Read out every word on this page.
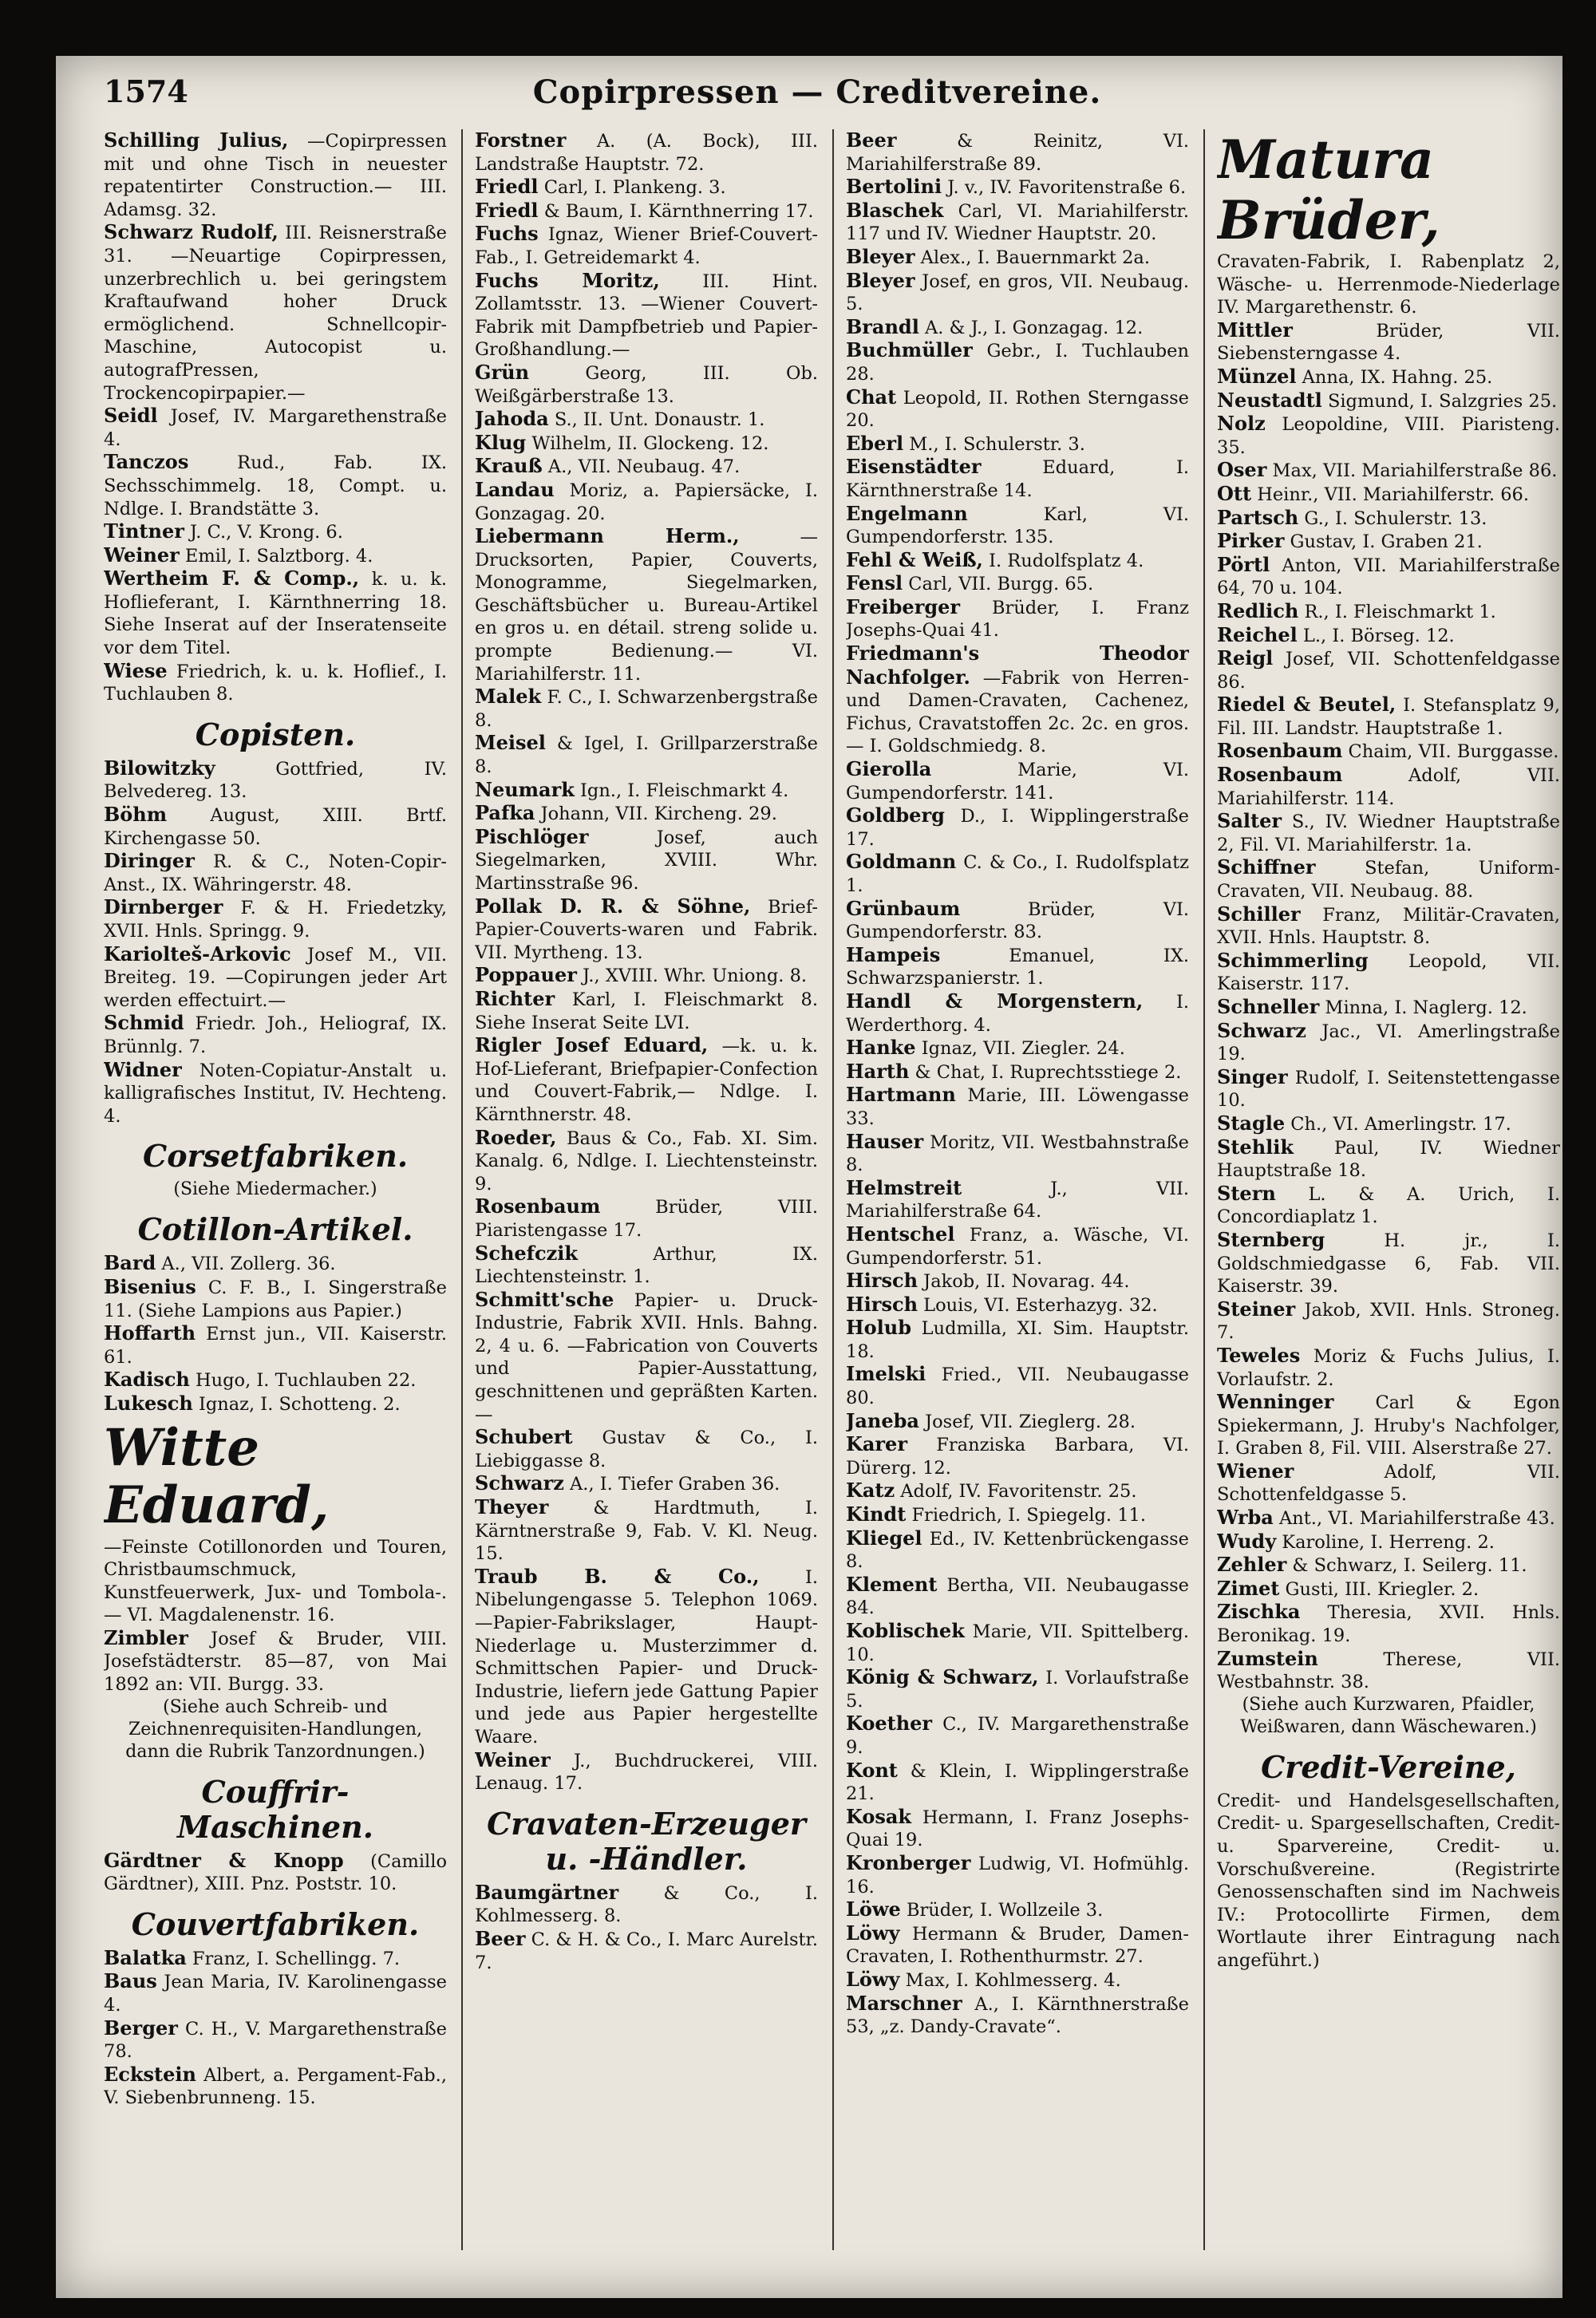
1574	Copirpressen — Creditvereine.

Schilling Julius, —Copirpressen mit und ohne Tisch in neuester repatentirter Construction.— III. Adamsg. 32.

Schwarz Rudolf, III. Reisnerstraße 31. —Neuartige Copirpressen, unzerbrechlich u. bei geringstem Kraftaufwand hoher Druck ermöglichend. Schnellcopir-Maschine, Autocopist u. autografPressen, Trockencopirpapier.—

Seidl Josef, IV. Margarethenstraße 4.

Tanczos Rud., Fab. IX. Sechsschimmelg. 18, Compt. u. Ndlge. I. Brandstätte 3.

Tintner J. C., V. Krong. 6.

Weiner Emil, I. Salztborg. 4.

Wertheim F. & Comp., k. u. k. Hoflieferant, I. Kärnthnerring 18. Siehe Inserat auf der Inseratenseite vor dem Titel.

Wiese Friedrich, k. u. k. Hoflief., I. Tuchlauben 8.

Copisten.

Bilowitzky Gottfried, IV. Belvedereg. 13.

Böhm August, XIII. Brtf. Kirchengasse 50.

Diringer R. & C., Noten-Copir-Anst., IX. Währingerstr. 48.

Dirnberger F. & H. Friedetzky, XVII. Hnls. Springg. 9.

Kariolteš-Arkovic Josef M., VII. Breiteg. 19. —Copirungen jeder Art werden effectuirt.—

Schmid Friedr. Joh., Heliograf, IX. Brünnlg. 7.

Widner Noten-Copiatur-Anstalt u. kalligrafisches Institut, IV. Hechteng. 4.

Corsetfabriken.
(Siehe Miedermacher.)
Cotillon-Artikel.

Bard A., VII. Zollerg. 36.

Bisenius C. F. B., I. Singerstraße 11. (Siehe Lampions aus Papier.)

Hoffarth Ernst jun., VII. Kaiserstr. 61.

Kadisch Hugo, I. Tuchlauben 22.

Lukesch Ignaz, I. Schotteng. 2.

Witte Eduard,

—Feinste Cotillonorden und Touren, Christbaumschmuck, Kunstfeuerwerk, Jux- und Tombola-. — VI. Magdalenenstr. 16.

Zimbler Josef & Bruder, VIII. Josefstädterstr. 85—87, von Mai 1892 an: VII. Burgg. 33.

(Siehe auch Schreib- und Zeichnenrequisiten-Handlungen, dann die Rubrik Tanzordnungen.)
Couffrir-Maschinen.

Gärdtner & Knopp (Camillo Gärdtner), XIII. Pnz. Poststr. 10.

Couvertfabriken.

Balatka Franz, I. Schellingg. 7.

Baus Jean Maria, IV. Karolinengasse 4.

Berger C. H., V. Margarethenstraße 78.

Eckstein Albert, a. Pergament-Fab., V. Siebenbrunneng. 15.

Forstner A. (A. Bock), III. Landstraße Hauptstr. 72.

Friedl Carl, I. Plankeng. 3.

Friedl & Baum, I. Kärnthnerring 17.

Fuchs Ignaz, Wiener Brief-Couvert-Fab., I. Getreidemarkt 4.

Fuchs Moritz, III. Hint. Zollamtsstr. 13. —Wiener Couvert-Fabrik mit Dampfbetrieb und Papier-Großhandlung.—

Grün Georg, III. Ob. Weißgärberstraße 13.

Jahoda S., II. Unt. Donaustr. 1.

Klug Wilhelm, II. Glockeng. 12.

Krauß A., VII. Neubaug. 47.

Landau Moriz, a. Papiersäcke, I. Gonzagag. 20.

Liebermann Herm., —Drucksorten, Papier, Couverts, Monogramme, Siegelmarken, Geschäftsbücher u. Bureau-Artikel en gros u. en détail. streng solide u. prompte Bedienung.— VI. Mariahilferstr. 11.

Malek F. C., I. Schwarzenbergstraße 8.

Meisel & Igel, I. Grillparzerstraße 8.

Neumark Ign., I. Fleischmarkt 4.

Pafka Johann, VII. Kircheng. 29.

Pischlöger Josef, auch Siegelmarken, XVIII. Whr. Martinsstraße 96.

Pollak D. R. & Söhne, Brief-Papier-Couverts-waren und Fabrik. VII. Myrtheng. 13.

Poppauer J., XVIII. Whr. Uniong. 8.

Richter Karl, I. Fleischmarkt 8. Siehe Inserat Seite LVI.

Rigler Josef Eduard, —k. u. k. Hof-Lieferant, Briefpapier-Confection und Couvert-Fabrik,— Ndlge. I. Kärnthnerstr. 48.

Roeder, Baus & Co., Fab. XI. Sim. Kanalg. 6, Ndlge. I. Liechtensteinstr. 9.

Rosenbaum Brüder, VIII. Piaristengasse 17.

Schefczik Arthur, IX. Liechtensteinstr. 1.

Schmitt'sche Papier- u. Druck-Industrie, Fabrik XVII. Hnls. Bahng. 2, 4 u. 6. —Fabrication von Couverts und Papier-Ausstattung, geschnittenen und gepräßten Karten.—

Schubert Gustav & Co., I. Liebiggasse 8.

Schwarz A., I. Tiefer Graben 36.

Theyer & Hardtmuth, I. Kärntnerstraße 9, Fab. V. Kl. Neug. 15.

Traub B. & Co., I. Nibelungengasse 5. Telephon 1069. —Papier-Fabrikslager, Haupt-Niederlage u. Musterzimmer d. Schmittschen Papier- und Druck-Industrie, liefern jede Gattung Papier und jede aus Papier hergestellte Waare.

Weiner J., Buchdruckerei, VIII. Lenaug. 17.

Cravaten-Erzeuger u. -Händler.

Baumgärtner & Co., I. Kohlmesserg. 8.

Beer C. & H. & Co., I. Marc Aurelstr. 7.

Beer & Reinitz, VI. Mariahilferstraße 89.

Bertolini J. v., IV. Favoritenstraße 6.

Blaschek Carl, VI. Mariahilferstr. 117 und IV. Wiedner Hauptstr. 20.

Bleyer Alex., I. Bauernmarkt 2a.

Bleyer Josef, en gros, VII. Neubaug. 5.

Brandl A. & J., I. Gonzagag. 12.

Buchmüller Gebr., I. Tuchlauben 28.

Chat Leopold, II. Rothen Sterngasse 20.

Eberl M., I. Schulerstr. 3.

Eisenstädter Eduard, I. Kärnthnerstraße 14.

Engelmann Karl, VI. Gumpendorferstr. 135.

Fehl & Weiß, I. Rudolfsplatz 4.

Fensl Carl, VII. Burgg. 65.

Freiberger Brüder, I. Franz Josephs-Quai 41.

Friedmann's Theodor Nachfolger. —Fabrik von Herren- und Damen-Cravaten, Cachenez, Fichus, Cravatstoffen 2c. 2c. en gros.— I. Goldschmiedg. 8.

Gierolla Marie, VI. Gumpendorferstr. 141.

Goldberg D., I. Wipplingerstraße 17.

Goldmann C. & Co., I. Rudolfsplatz 1.

Grünbaum Brüder, VI. Gumpendorferstr. 83.

Hampeis Emanuel, IX. Schwarzspanierstr. 1.

Handl & Morgenstern, I. Werderthorg. 4.

Hanke Ignaz, VII. Ziegler. 24.

Harth & Chat, I. Ruprechtsstiege 2.

Hartmann Marie, III. Löwengasse 33.

Hauser Moritz, VII. Westbahnstraße 8.

Helmstreit J., VII. Mariahilferstraße 64.

Hentschel Franz, a. Wäsche, VI. Gumpendorferstr. 51.

Hirsch Jakob, II. Novarag. 44.

Hirsch Louis, VI. Esterhazyg. 32.

Holub Ludmilla, XI. Sim. Hauptstr. 18.

Imelski Fried., VII. Neubaugasse 80.

Janeba Josef, VII. Zieglerg. 28.

Karer Franziska Barbara, VI. Dürerg. 12.

Katz Adolf, IV. Favoritenstr. 25.

Kindt Friedrich, I. Spiegelg. 11.

Kliegel Ed., IV. Kettenbrückengasse 8.

Klement Bertha, VII. Neubaugasse 84.

Koblischek Marie, VII. Spittelberg. 10.

König & Schwarz, I. Vorlaufstraße 5.

Koether C., IV. Margarethenstraße 9.

Kont & Klein, I. Wipplingerstraße 21.

Kosak Hermann, I. Franz Josephs-Quai 19.

Kronberger Ludwig, VI. Hofmühlg. 16.

Löwe Brüder, I. Wollzeile 3.

Löwy Hermann & Bruder, Damen-Cravaten, I. Rothenthurmstr. 27.

Löwy Max, I. Kohlmesserg. 4.

Marschner A., I. Kärnthnerstraße 53, „z. Dandy-Cravate“.

Matura Brüder,

Cravaten-Fabrik, I. Rabenplatz 2, Wäsche- u. Herrenmode-Niederlage IV. Margarethenstr. 6.

Mittler Brüder, VII. Siebensterngasse 4.

Münzel Anna, IX. Hahng. 25.

Neustadtl Sigmund, I. Salzgries 25.

Nolz Leopoldine, VIII. Piaristeng. 35.

Oser Max, VII. Mariahilferstraße 86.

Ott Heinr., VII. Mariahilferstr. 66.

Partsch G., I. Schulerstr. 13.

Pirker Gustav, I. Graben 21.

Pörtl Anton, VII. Mariahilferstraße 64, 70 u. 104.

Redlich R., I. Fleischmarkt 1.

Reichel L., I. Börseg. 12.

Reigl Josef, VII. Schottenfeldgasse 86.

Riedel & Beutel, I. Stefansplatz 9, Fil. III. Landstr. Hauptstraße 1.

Rosenbaum Chaim, VII. Burggasse.

Rosenbaum Adolf, VII. Mariahilferstr. 114.

Salter S., IV. Wiedner Hauptstraße 2, Fil. VI. Mariahilferstr. 1a.

Schiffner Stefan, Uniform-Cravaten, VII. Neubaug. 88.

Schiller Franz, Militär-Cravaten, XVII. Hnls. Hauptstr. 8.

Schimmerling Leopold, VII. Kaiserstr. 117.

Schneller Minna, I. Naglerg. 12.

Schwarz Jac., VI. Amerlingstraße 19.

Singer Rudolf, I. Seitenstettengasse 10.

Stagle Ch., VI. Amerlingstr. 17.

Stehlik Paul, IV. Wiedner Hauptstraße 18.

Stern L. & A. Urich, I. Concordiaplatz 1.

Sternberg H. jr., I. Goldschmiedgasse 6, Fab. VII. Kaiserstr. 39.

Steiner Jakob, XVII. Hnls. Stroneg. 7.

Teweles Moriz & Fuchs Julius, I. Vorlaufstr. 2.

Wenninger Carl & Egon Spiekermann, J. Hruby's Nachfolger, I. Graben 8, Fil. VIII. Alserstraße 27.

Wiener Adolf, VII. Schottenfeldgasse 5.

Wrba Ant., VI. Mariahilferstraße 43.

Wudy Karoline, I. Herreng. 2.

Zehler & Schwarz, I. Seilerg. 11.

Zimet Gusti, III. Kriegler. 2.

Zischka Theresia, XVII. Hnls. Beronikag. 19.

Zumstein Therese, VII. Westbahnstr. 38.

(Siehe auch Kurzwaren, Pfaidler, Weißwaren, dann Wäschewaren.)
Credit-Vereine,

Credit- und Handelsgesellschaften, Credit- u. Spargesellschaften, Credit- u. Sparvereine, Credit- u. Vorschußvereine. (Registrirte Genossenschaften sind im Nachweis IV.: Protocollirte Firmen, dem Wortlaute ihrer Eintragung nach angeführt.)
